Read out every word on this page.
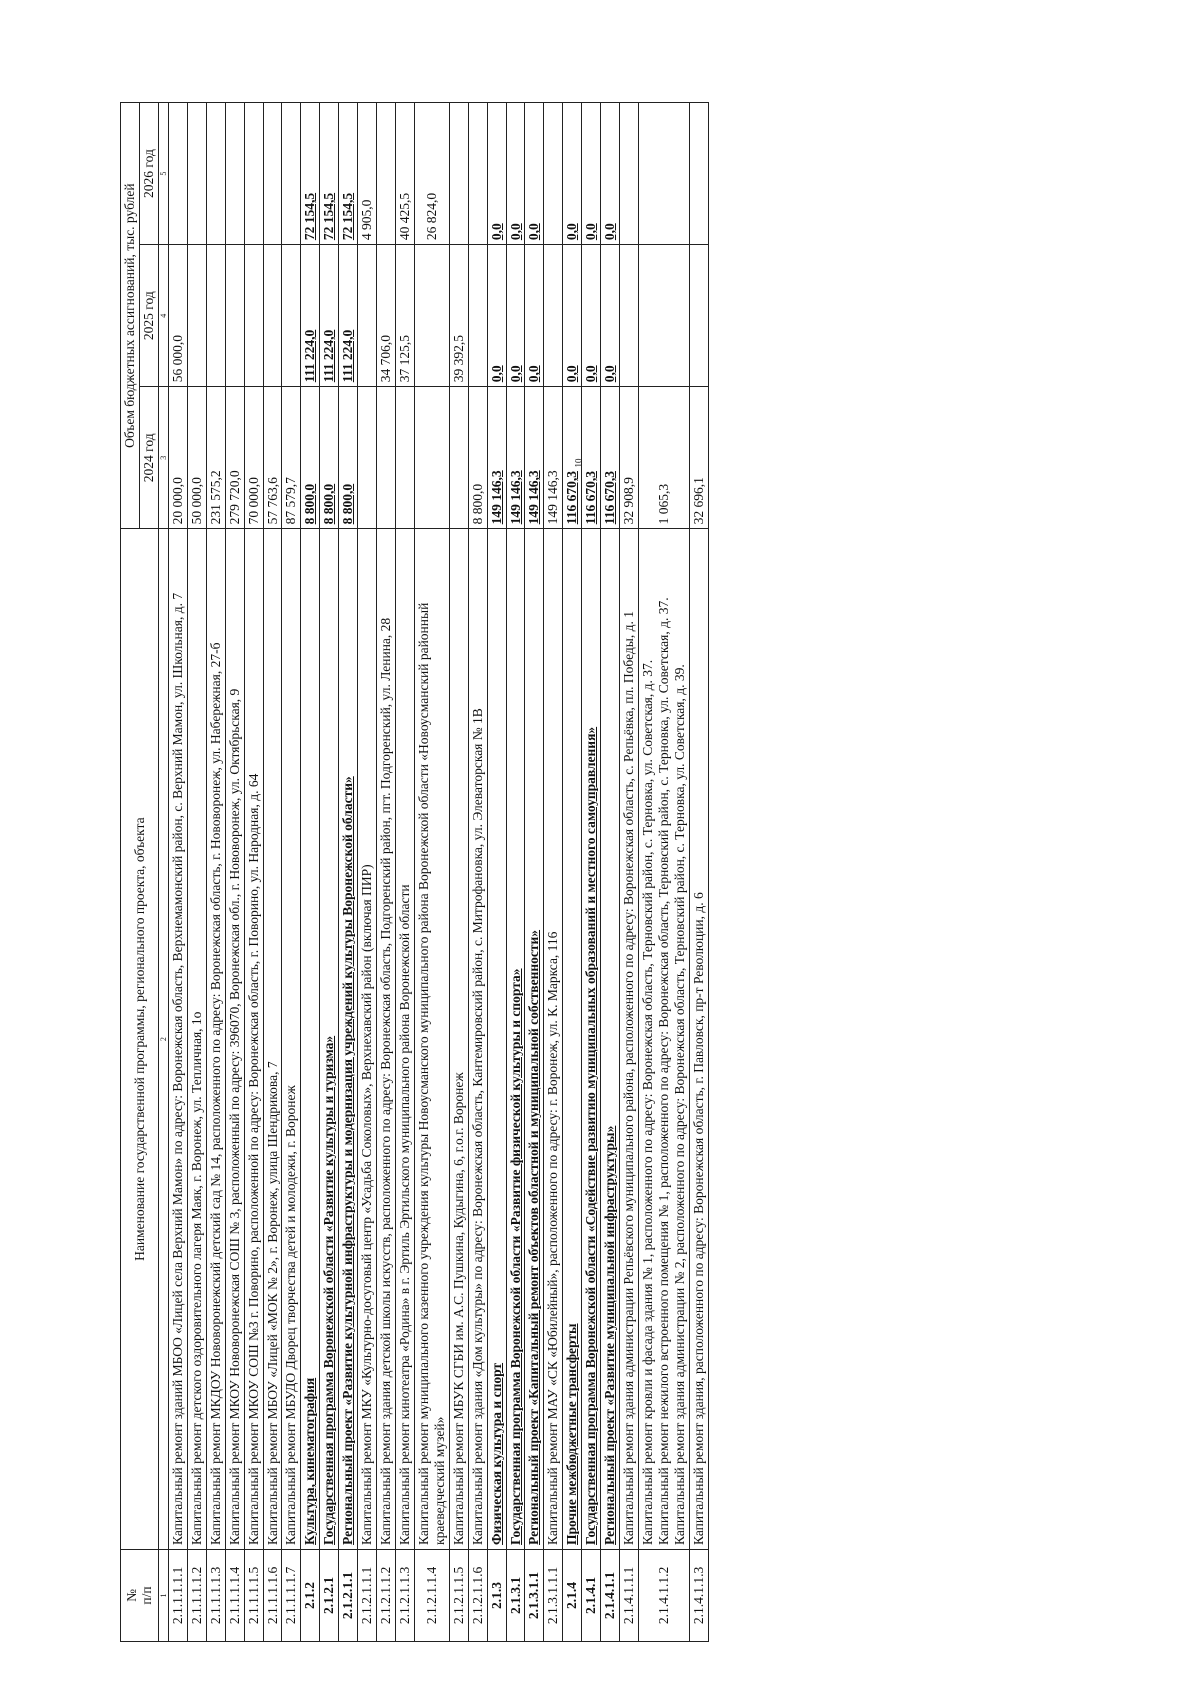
10
№
п/п	Наименование государственной программы, регионального проекта, объекта	Объем бюджетных ассигнований, тыс. рублей		
		2024 год	2025 год	2026 год
1	2	3	4	5
2.1.1.1.1.1	Капитальный ремонт зданий МБОО «Лицей села Верхний Мамон» по адресу: Воронежская область, Верхнемамонский район, с. Верхний Мамон, ул. Школьная, д. 7	20 000,0	56 000,0	
2.1.1.1.1.2	Капитальный ремонт детского оздоровительного лагеря Маяк, г. Воронеж, ул. Тепличная, 1о	50 000,0		
2.1.1.1.1.3	Капитальный ремонт МКДОУ Нововоронежский детский сад № 14, расположенного по адресу: Воронежская область, г. Нововоронеж, ул. Набережная, 27-б	231 575,2		
2.1.1.1.1.4	Капитальный ремонт МКОУ Нововоронежская СОШ № 3, расположенный по адресу: 396070, Воронежская обл., г. Нововоронеж, ул. Октябрьская, 9	279 720,0		
2.1.1.1.1.5	Капитальный ремонт МКОУ СОШ №3 г. Поворино, расположенной по адресу: Воронежская область, г. Поворино, ул. Народная, д. 64	70 000,0		
2.1.1.1.1.6	Капитальный ремонт МБОУ «Лицей «МОК № 2», г. Воронеж, улица Шендрикова, 7	57 763,6		
2.1.1.1.1.7	Капитальный ремонт МБУДО Дворец творчества детей и молодежи, г. Воронеж	87 579,7		
2.1.2	Культура, кинематография	8 800,0	111 224,0	72 154,5
2.1.2.1	Государственная программа Воронежской области «Развитие культуры и туризма»	8 800,0	111 224,0	72 154,5
2.1.2.1.1	Региональный проект «Развитие культурной инфраструктуры и модернизация учреждений культуры Воронежской области»	8 800,0	111 224,0	72 154,5
2.1.2.1.1.1	Капитальный ремонт МКУ «Культурно-досуговый центр «Усадьба Соколовых», Верхнехавский район (включая ПИР)			4 905,0
2.1.2.1.1.2	Капитальный ремонт здания детской школы искусств, расположенного по адресу: Воронежская область, Подгоренский район, пгт. Подгоренский, ул. Ленина, 28		34 706,0	
2.1.2.1.1.3	Капитальный ремонт кинотеатра «Родина» в г. Эртиль Эртильского муниципального района Воронежской области		37 125,5	40 425,5
2.1.2.1.1.4	Капитальный ремонт муниципального казенного учреждения культуры Новоусманского муниципального района Воронежской области «Новоусманский районный краеведческий музей»			26 824,0
2.1.2.1.1.5	Капитальный ремонт МБУК СГБИ им. А.С. Пушкина, Кудыгина, 6, г.о.г. Воронеж		39 392,5	
2.1.2.1.1.6	Капитальный ремонт здания «Дом культуры» по адресу: Воронежская область, Кантемировский район, с. Митрофановка, ул. Элеваторская № 1В	8 800,0		
2.1.3	Физическая культура и спорт	149 146,3	0,0	0,0
2.1.3.1	Государственная программа Воронежской области «Развитие физической культуры и спорта»	149 146,3	0,0	0,0
2.1.3.1.1	Региональный проект «Капитальный ремонт объектов областной и муниципальной собственности»	149 146,3	0,0	0,0
2.1.3.1.1.1	Капитальный ремонт МАУ «СК «Юбилейный», расположенного по адресу: г. Воронеж, ул. К. Маркса, 116	149 146,3		
2.1.4	Прочие межбюджетные трансферты	116 670,3	0,0	0,0
2.1.4.1	Государственная программа Воронежской области «Содействие развитию муниципальных образований и местного самоуправления»	116 670,3	0,0	0,0
2.1.4.1.1	Региональный проект «Развитие муниципальной инфраструктуры»	116 670,3	0,0	0,0
2.1.4.1.1.1	Капитальный ремонт здания администрации Репьёвского муниципального района, расположенного по адресу: Воронежская область, с. Репьёвка, пл. Победы, д. 1	32 908,9		
2.1.4.1.1.2	Капитальный ремонт кровли и фасада здания № 1, расположенного по адресу: Воронежская область, Терновский район, с. Терновка, ул. Советская, д. 37.
Капитальный ремонт нежилого встроенного помещения № 1, расположенного по адресу: Воронежская область, Терновский район, с. Терновка, ул. Советская, д. 37.
Капитальный ремонт здания администрации № 2, расположенного по адресу: Воронежская область, Терновский район, с. Терновка, ул. Советская, д. 39.	1 065,3		
2.1.4.1.1.3	Капитальный ремонт здания, расположенного по адресу: Воронежская область, г. Павловск, пр-т Революции, д. 6	32 696,1		
